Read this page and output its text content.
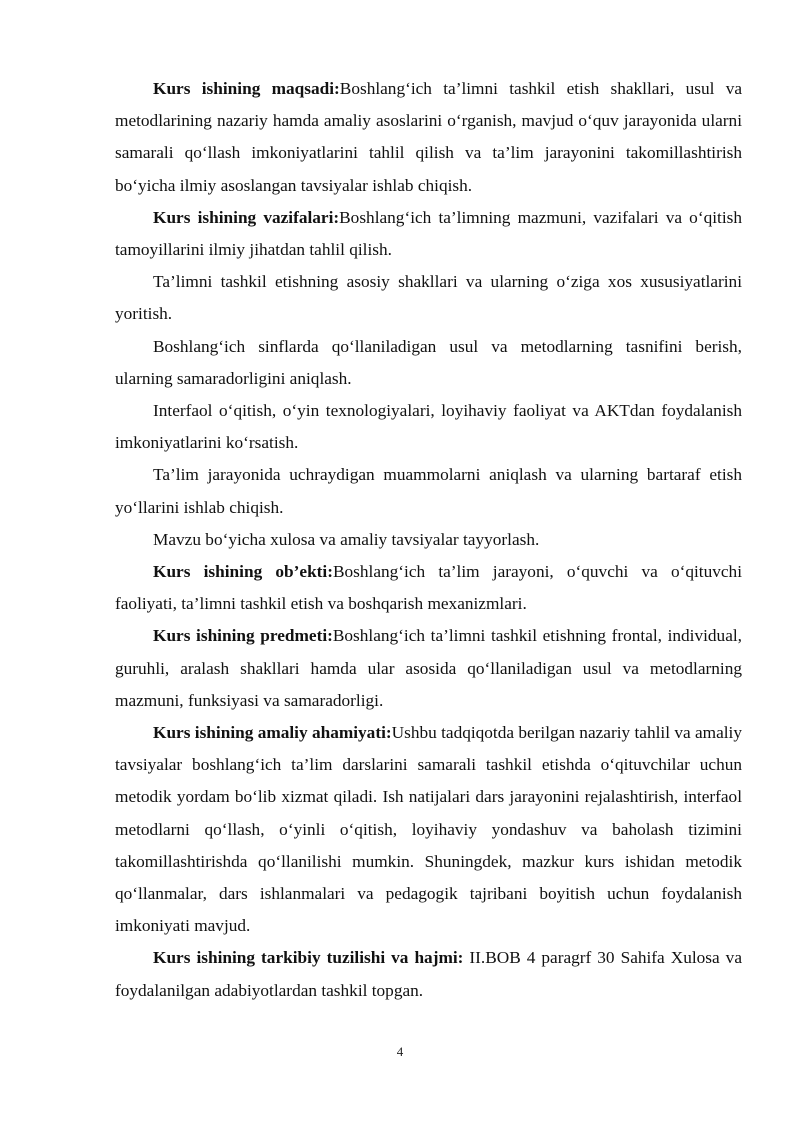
Kurs ishining maqsadi:Boshlang‘ich ta’limni tashkil etish shakllari, usul va metodlarining nazariy hamda amaliy asoslarini o‘rganish, mavjud o‘quv jarayonida ularni samarali qo‘llash imkoniyatlarini tahlil qilish va ta’lim jarayonini takomillashtirish bo‘yicha ilmiy asoslangan tavsiyalar ishlab chiqish.

Kurs ishining vazifalari:Boshlang‘ich ta’limning mazmuni, vazifalari va o‘qitish tamoyillarini ilmiy jihatdan tahlil qilish.

Ta’limni tashkil etishning asosiy shakllari va ularning o‘ziga xos xususiyatlarini yoritish.

Boshlang‘ich sinflarda qo‘llaniladigan usul va metodlarning tasnifini berish, ularning samaradorligini aniqlash.

Interfaol o‘qitish, o‘yin texnologiyalari, loyihaviy faoliyat va AKTdan foydalanish imkoniyatlarini ko‘rsatish.

Ta’lim jarayonida uchraydigan muammolarni aniqlash va ularning bartaraf etish yo‘llarini ishlab chiqish.

Mavzu bo‘yicha xulosa va amaliy tavsiyalar tayyorlash.

Kurs ishining ob’ekti:Boshlang‘ich ta’lim jarayoni, o‘quvchi va o‘qituvchi faoliyati, ta’limni tashkil etish va boshqarish mexanizmlari.

Kurs ishining predmeti:Boshlang‘ich ta’limni tashkil etishning frontal, individual, guruhli, aralash shakllari hamda ular asosida qo‘llaniladigan usul va metodlarning mazmuni, funksiyasi va samaradorligi.

Kurs ishining amaliy ahamiyati:Ushbu tadqiqotda berilgan nazariy tahlil va amaliy tavsiyalar boshlang‘ich ta’lim darslarini samarali tashkil etishda o‘qituvchilar uchun metodik yordam bo‘lib xizmat qiladi. Ish natijalari dars jarayonini rejalashtirish, interfaol metodlarni qo‘llash, o‘yinli o‘qitish, loyihaviy yondashuv va baholash tizimini takomillashtirishda qo‘llanilishi mumkin. Shuningdek, mazkur kurs ishidan metodik qo‘llanmalar, dars ishlanmalari va pedagogik tajribani boyitish uchun foydalanish imkoniyati mavjud.

Kurs ishining tarkibiy tuzilishi va hajmi: II.BOB 4 paragrf 30 Sahifa Xulosa va foydalanilgan adabiyotlardan tashkil topgan.

4
